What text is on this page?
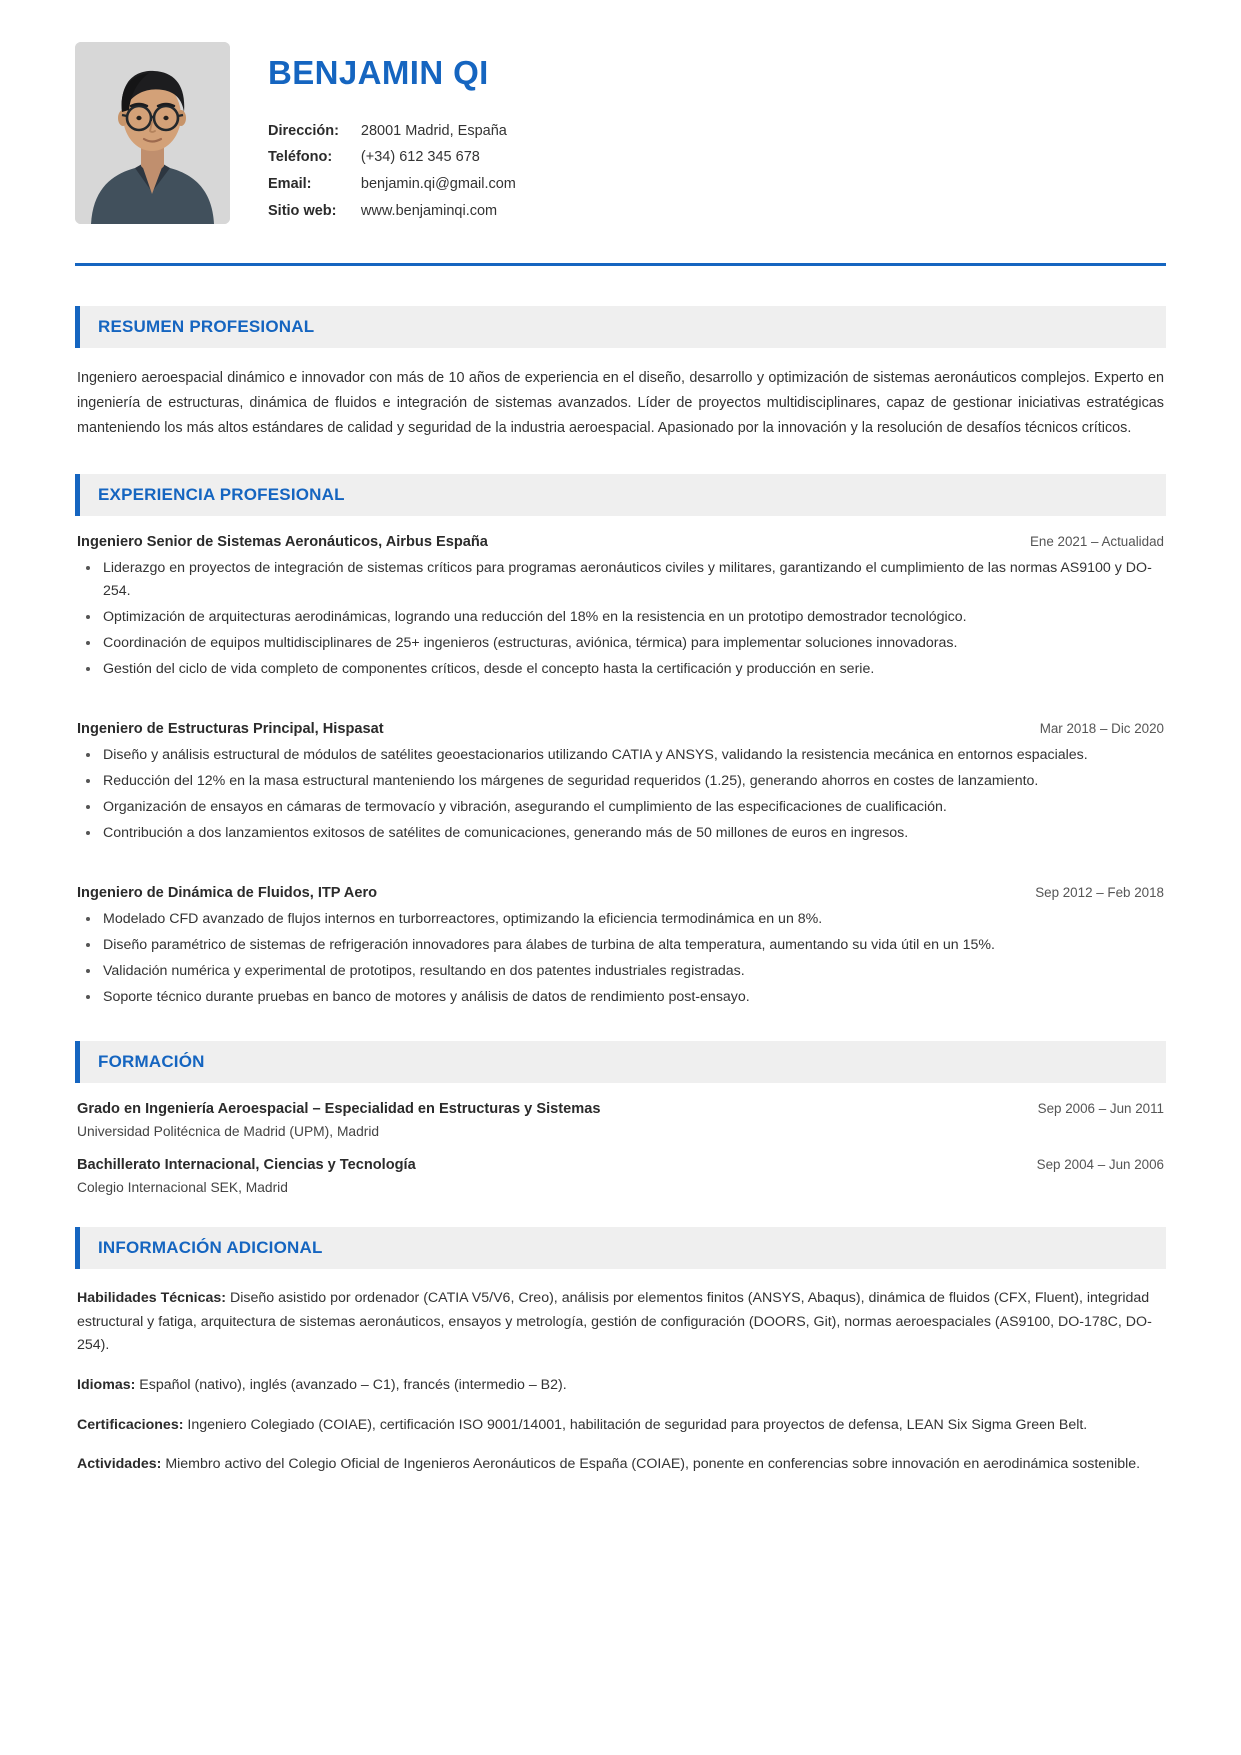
BENJAMIN QI
Dirección:	28001 Madrid, España
Teléfono:	(+34) 612 345 678
Email:	benjamin.qi@gmail.com
Sitio web:	www.benjaminqi.com
RESUMEN PROFESIONAL
Ingeniero aeroespacial dinámico e innovador con más de 10 años de experiencia en el diseño, desarrollo y optimización de sistemas aeronáuticos complejos. Experto en ingeniería de estructuras, dinámica de fluidos e integración de sistemas avanzados. Líder de proyectos multidisciplinares, capaz de gestionar iniciativas estratégicas manteniendo los más altos estándares de calidad y seguridad de la industria aeroespacial. Apasionado por la innovación y la resolución de desafíos técnicos críticos.
EXPERIENCIA PROFESIONAL
Ingeniero Senior de Sistemas Aeronáuticos, Airbus España	Ene 2021 – Actualidad
Liderazgo en proyectos de integración de sistemas críticos para programas aeronáuticos civiles y militares, garantizando el cumplimiento de las normas AS9100 y DO-254.
Optimización de arquitecturas aerodinámicas, logrando una reducción del 18% en la resistencia en un prototipo demostrador tecnológico.
Coordinación de equipos multidisciplinares de 25+ ingenieros (estructuras, aviónica, térmica) para implementar soluciones innovadoras.
Gestión del ciclo de vida completo de componentes críticos, desde el concepto hasta la certificación y producción en serie.
Ingeniero de Estructuras Principal, Hispasat	Mar 2018 – Dic 2020
Diseño y análisis estructural de módulos de satélites geoestacionarios utilizando CATIA y ANSYS, validando la resistencia mecánica en entornos espaciales.
Reducción del 12% en la masa estructural manteniendo los márgenes de seguridad requeridos (1.25), generando ahorros en costes de lanzamiento.
Organización de ensayos en cámaras de termovacío y vibración, asegurando el cumplimiento de las especificaciones de cualificación.
Contribución a dos lanzamientos exitosos de satélites de comunicaciones, generando más de 50 millones de euros en ingresos.
Ingeniero de Dinámica de Fluidos, ITP Aero	Sep 2012 – Feb 2018
Modelado CFD avanzado de flujos internos en turborreactores, optimizando la eficiencia termodinámica en un 8%.
Diseño paramétrico de sistemas de refrigeración innovadores para álabes de turbina de alta temperatura, aumentando su vida útil en un 15%.
Validación numérica y experimental de prototipos, resultando en dos patentes industriales registradas.
Soporte técnico durante pruebas en banco de motores y análisis de datos de rendimiento post-ensayo.
FORMACIÓN
Grado en Ingeniería Aeroespacial – Especialidad en Estructuras y Sistemas	Sep 2006 – Jun 2011
Universidad Politécnica de Madrid (UPM), Madrid
Bachillerato Internacional, Ciencias y Tecnología	Sep 2004 – Jun 2006
Colegio Internacional SEK, Madrid
INFORMACIÓN ADICIONAL
Habilidades Técnicas: Diseño asistido por ordenador (CATIA V5/V6, Creo), análisis por elementos finitos (ANSYS, Abaqus), dinámica de fluidos (CFX, Fluent), integridad estructural y fatiga, arquitectura de sistemas aeronáuticos, ensayos y metrología, gestión de configuración (DOORS, Git), normas aeroespaciales (AS9100, DO-178C, DO-254).
Idiomas: Español (nativo), inglés (avanzado – C1), francés (intermedio – B2).
Certificaciones: Ingeniero Colegiado (COIAE), certificación ISO 9001/14001, habilitación de seguridad para proyectos de defensa, LEAN Six Sigma Green Belt.
Actividades: Miembro activo del Colegio Oficial de Ingenieros Aeronáuticos de España (COIAE), ponente en conferencias sobre innovación en aerodinámica sostenible.
